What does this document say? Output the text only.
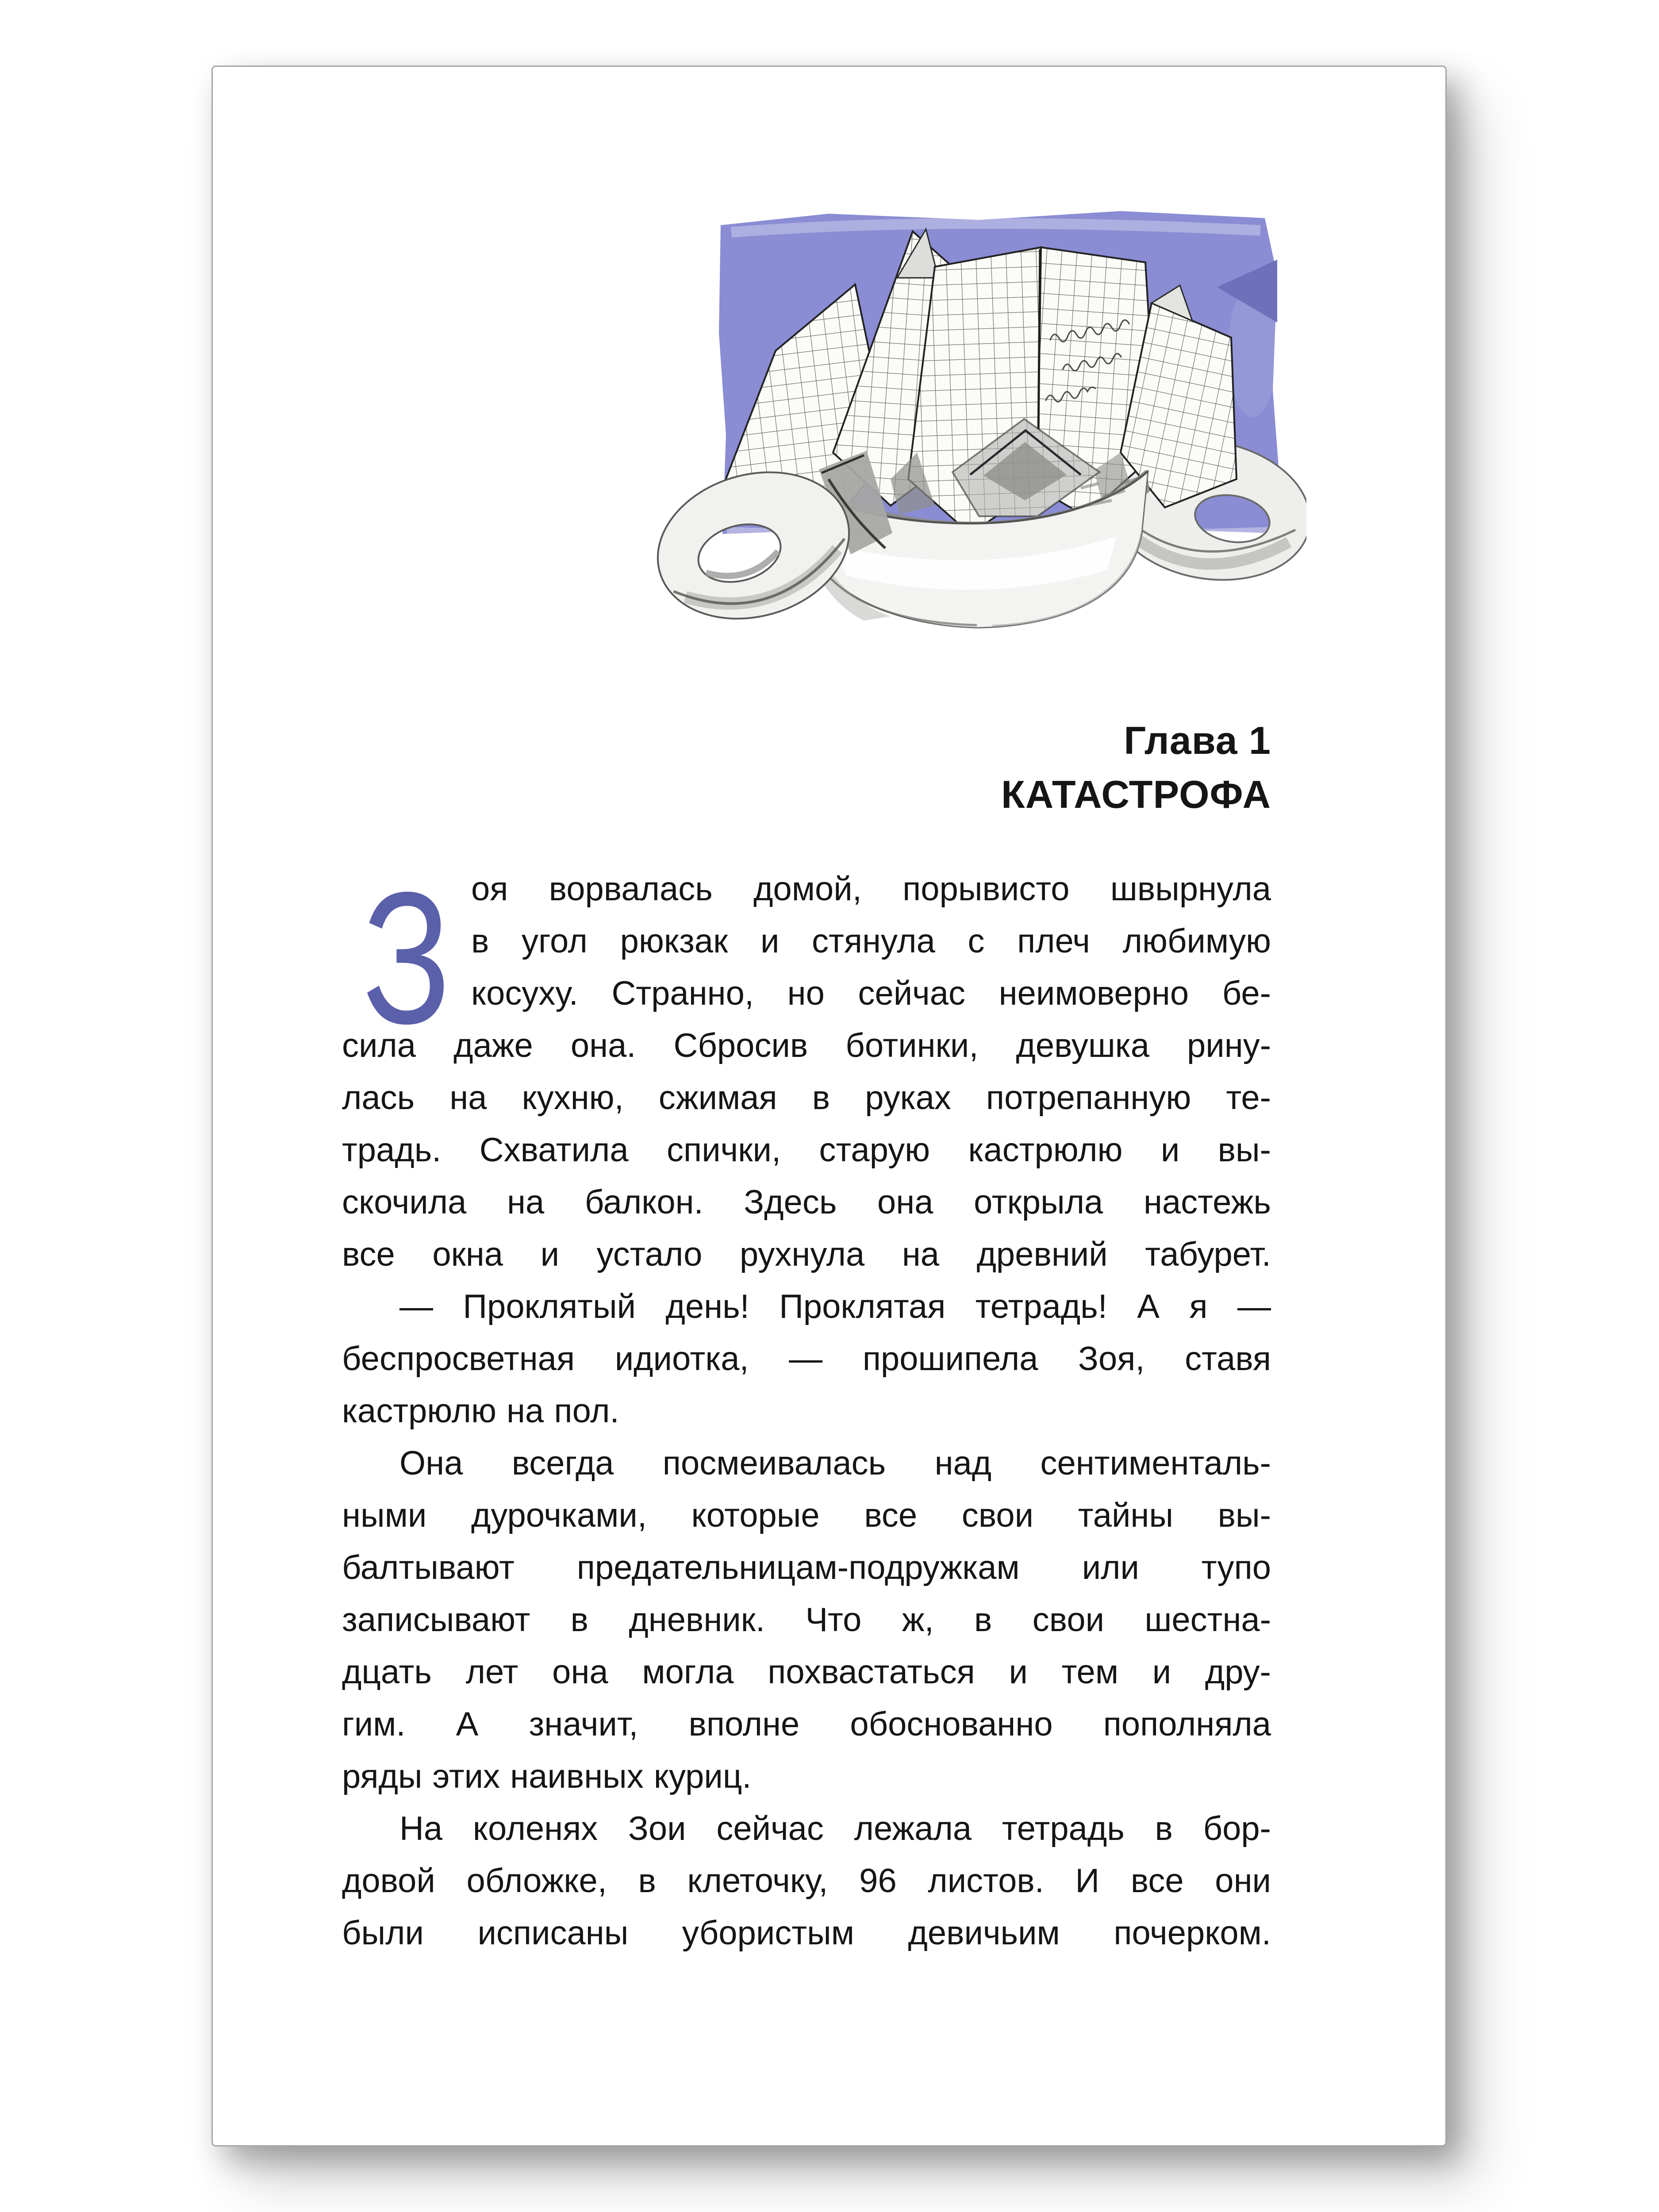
Глава 1
КАТАСТРОФА
З оя ворвалась домой, порывисто швырнула

в угол рюкзак и стянула с плеч любимую

косуху. Странно, но сейчас неимоверно бе-

сила даже она. Сбросив ботинки, девушка рину-

лась на кухню, сжимая в руках потрепанную те-

традь. Схватила спички, старую кастрюлю и вы-

скочила на балкон. Здесь она открыла настежь

все окна и устало рухнула на древний табурет.

— Проклятый день! Проклятая тетрадь! А я —

беспросветная идиотка, — прошипела Зоя, ставя

кастрюлю на пол.

Она всегда посмеивалась над сентименталь-

ными дурочками, которые все свои тайны вы-

балтывают предательницам-подружкам или тупо

записывают в дневник. Что ж, в свои шестна-

дцать лет она могла похвастаться и тем и дру-

гим. А значит, вполне обоснованно пополняла

ряды этих наивных куриц.

На коленях Зои сейчас лежала тетрадь в бор-

довой обложке, в клеточку, 96 листов. И все они

были исписаны убористым девичьим почерком.
